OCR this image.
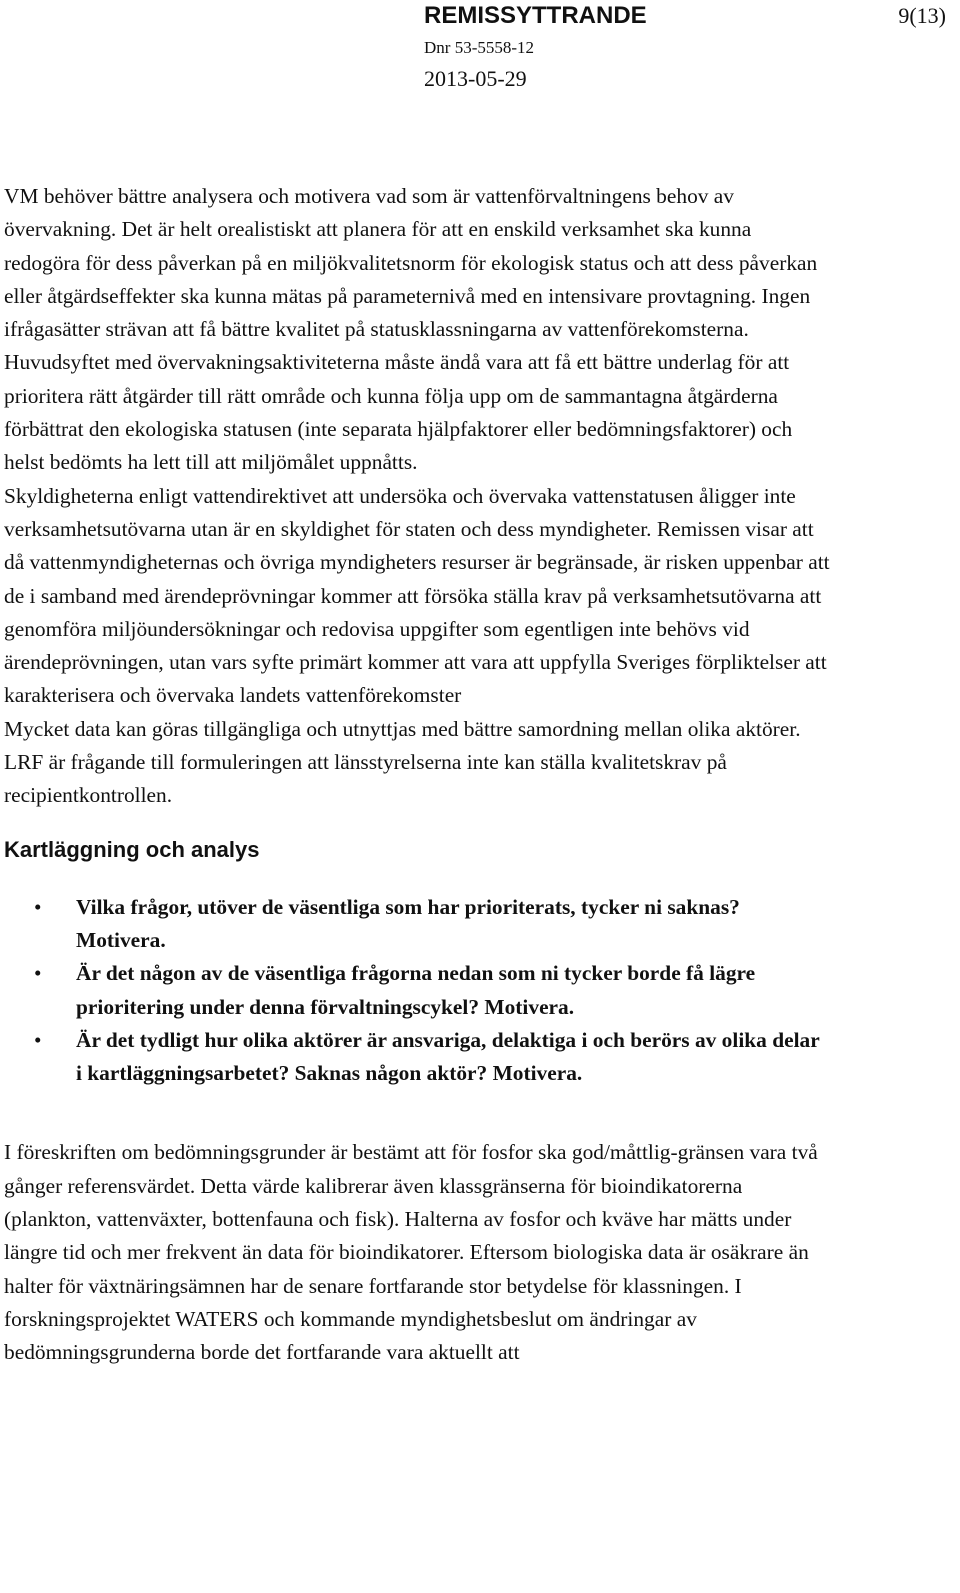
REMISSYTTRANDE	9(13)
Dnr 53-5558-12
2013-05-29

VM behöver bättre analysera och motivera vad som är vattenförvaltningens behov av övervakning. Det är helt orealistiskt att planera för att en enskild verksamhet ska kunna redogöra för dess påverkan på en miljökvalitetsnorm för ekologisk status och att dess påverkan eller åtgärdseffekter ska kunna mätas på parameternivå med en intensivare provtagning. Ingen ifrågasätter strävan att få bättre kvalitet på statusklassningarna av vattenförekomsterna. Huvudsyftet med övervakningsaktiviteterna måste ändå vara att få ett bättre underlag för att prioritera rätt åtgärder till rätt område och kunna följa upp om de sammantagna åtgärderna förbättrat den ekologiska statusen (inte separata hjälpfaktorer eller bedömningsfaktorer) och helst bedömts ha lett till att miljömålet uppnåtts.

Skyldigheterna enligt vattendirektivet att undersöka och övervaka vattenstatusen åligger inte verksamhetsutövarna utan är en skyldighet för staten och dess myndigheter. Remissen visar att då vattenmyndigheternas och övriga myndigheters resurser är begränsade, är risken uppenbar att de i samband med ärendeprövningar kommer att försöka ställa krav på verksamhetsutövarna att genomföra miljöundersökningar och redovisa uppgifter som egentligen inte behövs vid ärendeprövningen, utan vars syfte primärt kommer att vara att uppfylla Sveriges förpliktelser att karakterisera och övervaka landets vattenförekomster

Mycket data kan göras tillgängliga och utnyttjas med bättre samordning mellan olika aktörer. LRF är frågande till formuleringen att länsstyrelserna inte kan ställa kvalitetskrav på recipientkontrollen.

Kartläggning och analys
• Vilka frågor, utöver de väsentliga som har prioriterats, tycker ni saknas? Motivera.
• Är det någon av de väsentliga frågorna nedan som ni tycker borde få lägre prioritering under denna förvaltningscykel? Motivera.
• Är det tydligt hur olika aktörer är ansvariga, delaktiga i och berörs av olika delar i kartläggningsarbetet? Saknas någon aktör? Motivera.

I föreskriften om bedömningsgrunder är bestämt att för fosfor ska god/måttlig-gränsen vara två gånger referensvärdet. Detta värde kalibrerar även klassgränserna för bioindikatorerna (plankton, vattenväxter, bottenfauna och fisk). Halterna av fosfor och kväve har mätts under längre tid och mer frekvent än data för bioindikatorer. Eftersom biologiska data är osäkrare än halter för växtnäringsämnen har de senare fortfarande stor betydelse för klassningen. I forskningsprojektet WATERS och kommande myndighetsbeslut om ändringar av bedömningsgrunderna borde det fortfarande vara aktuellt att
